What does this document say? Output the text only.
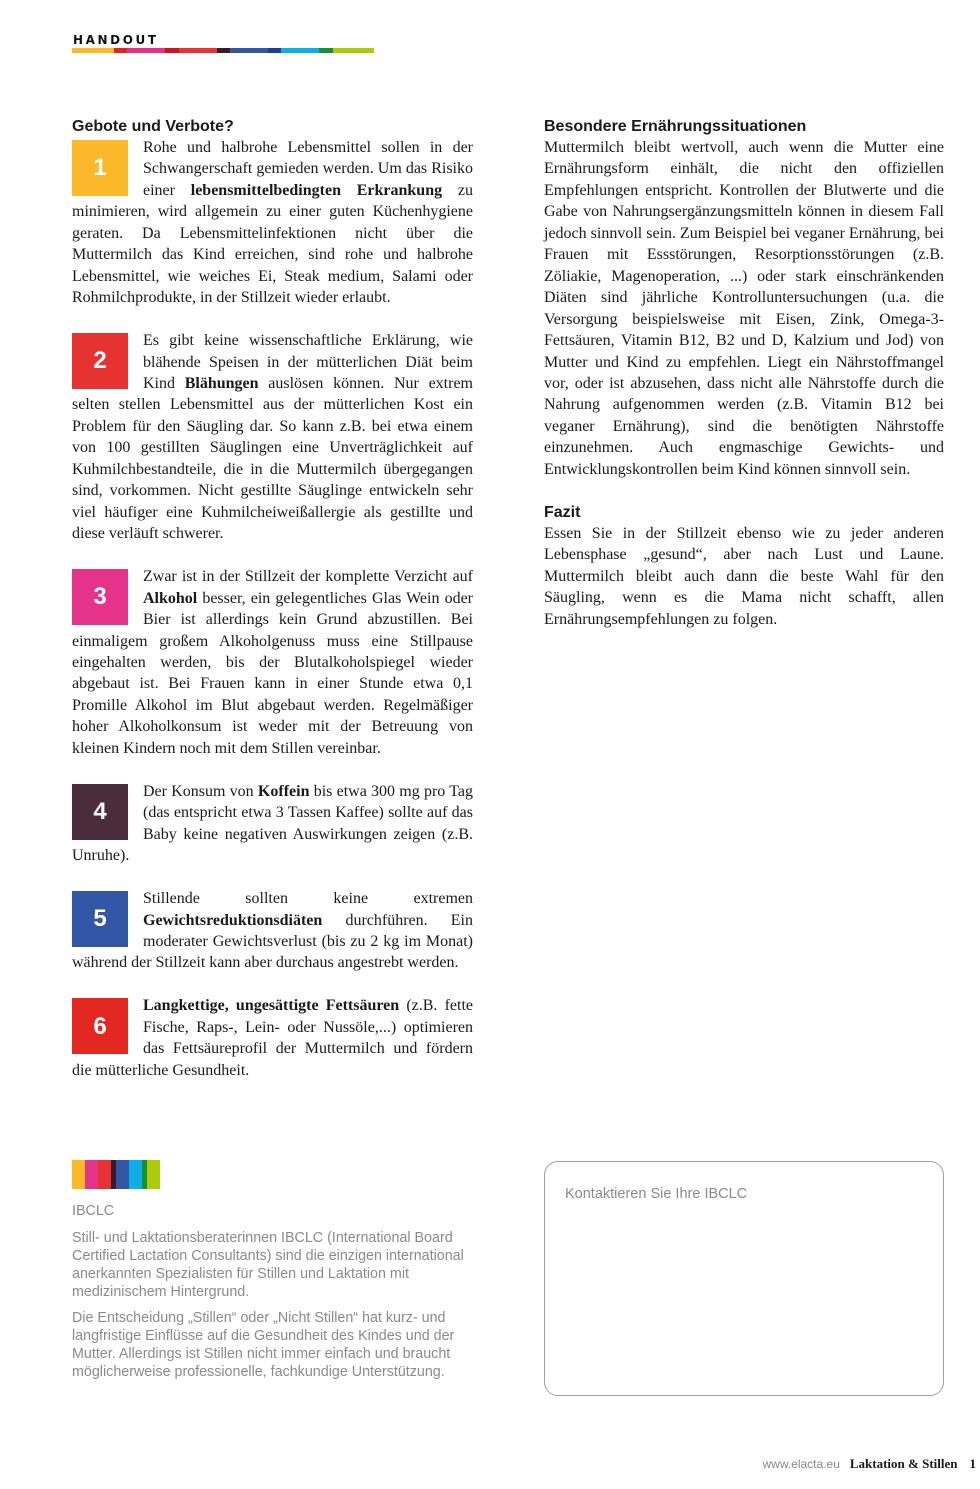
HANDOUT
Gebote und Verbote?

1
Rohe und halbrohe Lebensmittel sollen in der Schwangerschaft gemieden werden. Um das Risiko einer lebensmittelbedingten Erkrankung zu minimieren, wird allgemein zu einer guten Küchenhygiene geraten. Da Lebensmittelinfektionen nicht über die Muttermilch das Kind erreichen, sind rohe und halbrohe Lebensmittel, wie weiches Ei, Steak medium, Salami oder Rohmilchprodukte, in der Stillzeit wieder erlaubt.

2
Es gibt keine wissenschaftliche Erklärung, wie blähende Speisen in der mütterlichen Diät beim Kind Blähungen auslösen können. Nur extrem selten stellen Lebensmittel aus der mütterlichen Kost ein Problem für den Säugling dar. So kann z.B. bei etwa einem von 100 gestillten Säuglingen eine Unverträglichkeit auf Kuhmilchbestandteile, die in die Muttermilch übergegangen sind, vorkommen. Nicht gestillte Säuglinge entwickeln sehr viel häufiger eine Kuhmilcheiweißallergie als gestillte und diese verläuft schwerer.

3
Zwar ist in der Stillzeit der komplette Verzicht auf Alkohol besser, ein gelegentliches Glas Wein oder Bier ist allerdings kein Grund abzustillen. Bei einmaligem großem Alkoholgenuss muss eine Stillpause eingehalten werden, bis der Blutalkoholspiegel wieder abgebaut ist. Bei Frauen kann in einer Stunde etwa 0,1 Promille Alkohol im Blut abgebaut werden. Regelmäßiger hoher Alkoholkonsum ist weder mit der Betreuung von kleinen Kindern noch mit dem Stillen vereinbar.

4
Der Konsum von Koffein bis etwa 300 mg pro Tag (das entspricht etwa 3 Tassen Kaffee) sollte auf das Baby keine negativen Auswirkungen zeigen (z.B. Unruhe).

5
Stillende sollten keine extremen Gewichtsreduktionsdiäten durchführen. Ein moderater Gewichtsverlust (bis zu 2 kg im Monat) während der Stillzeit kann aber durchaus angestrebt werden.

6
Langkettige, ungesättigte Fettsäuren (z.B. fette Fische, Raps-, Lein- oder Nussöle,...) optimieren das Fettsäureprofil der Muttermilch und fördern die mütterliche Gesundheit.

Besondere Ernährungssituationen

Muttermilch bleibt wertvoll, auch wenn die Mutter eine Ernährungsform einhält, die nicht den offiziellen Empfehlungen entspricht. Kontrollen der Blutwerte und die Gabe von Nahrungsergänzungsmitteln können in diesem Fall jedoch sinnvoll sein. Zum Beispiel bei veganer Ernährung, bei Frauen mit Essstörungen, Resorptionsstörungen (z.B. Zöliakie, Magenoperation, ...) oder stark einschränkenden Diäten sind jährliche Kontrolluntersuchungen (u.a. die Versorgung beispielsweise mit Eisen, Zink, Omega-3-Fettsäuren, Vitamin B12, B2 und D, Kalzium und Jod) von Mutter und Kind zu empfehlen. Liegt ein Nährstoffmangel vor, oder ist abzusehen, dass nicht alle Nährstoffe durch die Nahrung aufgenommen werden (z.B. Vitamin B12 bei veganer Ernährung), sind die benötigten Nährstoffe einzunehmen. Auch engmaschige Gewichts- und Entwicklungskontrollen beim Kind können sinnvoll sein.

Fazit

Essen Sie in der Stillzeit ebenso wie zu jeder anderen Lebensphase „gesund“, aber nach Lust und Laune. Muttermilch bleibt auch dann die beste Wahl für den Säugling, wenn es die Mama nicht schafft, allen Ernährungsempfehlungen zu folgen.

IBCLC

Still- und Laktationsberaterinnen IBCLC (International Board Certified Lactation Consultants) sind die einzigen international anerkannten Spezialisten für Stillen und Laktation mit medizinischem Hintergrund.

Die Entscheidung „Stillen“ oder „Nicht Stillen“ hat kurz- und langfristige Einflüsse auf die Gesundheit des Kindes und der Mutter. Allerdings ist Stillen nicht immer einfach und braucht möglicherweise professionelle, fachkundige Unterstützung.

Kontaktieren Sie Ihre IBCLC
www.elacta.eu Laktation & Stillen 1
